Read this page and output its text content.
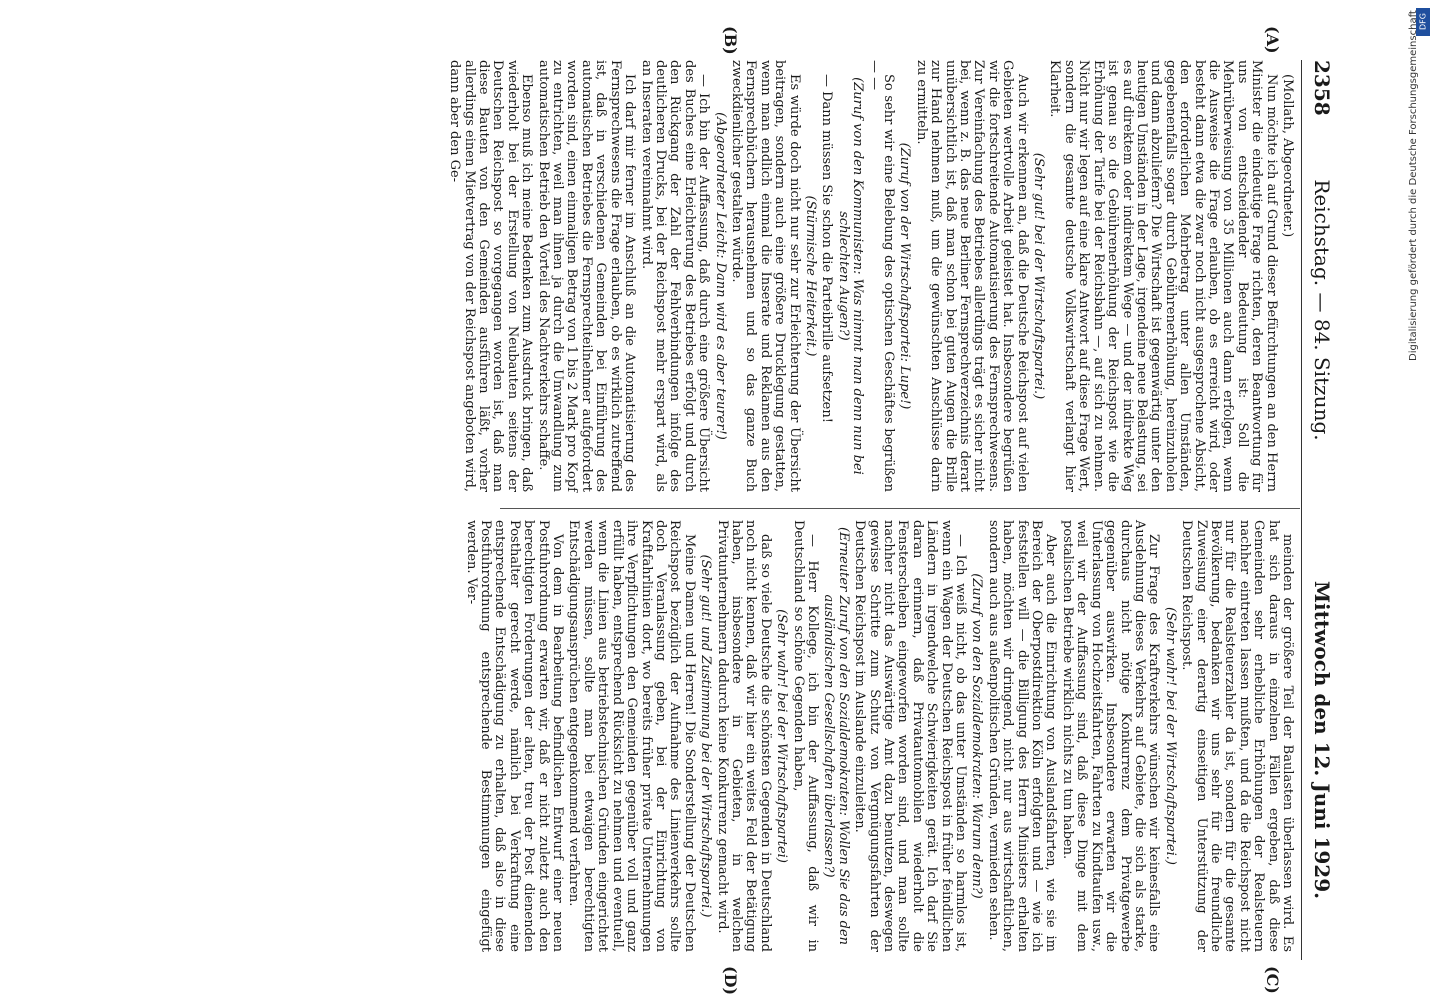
2358
Reichstag. — 84. Sitzung.
Mittwoch den 12. Juni 1929.

(Mollath, Abgeordneter.)

Nun möchte ich auf Grund dieser Befürchtungen an den Herrn Minister die eindeutige Frage richten, deren Beantwortung für uns von entscheidender Bedeutung ist: Soll die Mehrüberweisung von 35 Millionen auch dann erfolgen, wenn die Ausweise die Frage erlauben, ob es erreicht wird, oder besteht dann etwa die zwar noch nicht ausgesprochene Absicht, den erforderlichen Mehrbetrag unter allen Umständen, gegebenenfalls sogar durch Gebührenerhöhung, hereinzuholen und dann abzuliefern? Die Wirtschaft ist gegenwärtig unter den heutigen Umständen in der Lage, irgendeine neue Belastung, sei es auf direktem oder indirektem Wege — und der indirekte Weg ist genau so die Gebührenerhöhung der Reichspost wie die Erhöhung der Tarife bei der Reichsbahn —, auf sich zu nehmen. Nicht nur wir legen auf eine klare Antwort auf diese Frage Wert, sondern die gesamte deutsche Volkswirtschaft verlangt hier Klarheit.

(Sehr gut! bei der Wirtschaftspartei.)

Auch wir erkennen an, daß die Deutsche Reichspost auf vielen Gebieten wertvolle Arbeit geleistet hat. Insbesondere begrüßen wir die fortschreitende Automatisierung des Fernsprechwesens. Zur Vereinfachung des Betriebes allerdings trägt es sicher nicht bei, wenn z. B. das neue Berliner Fernsprechverzeichnis derart unübersichtlich ist, daß man schon bei guten Augen die Brille zur Hand nehmen muß, um die gewünschten Anschlüsse darin zu ermitteln.

(Zuruf von der Wirtschaftspartei: Lupe!)

So sehr wir eine Belebung des optischen Geschäftes begrüßen — —

(Zuruf von den Kommunisten: Was nimmt man denn nun bei schlechten Augen?)

— Dann müssen Sie schon die Parteibrille aufsetzen!

(Stürmische Heiterkeit.)

Es würde doch nicht nur sehr zur Erleichterung der Übersicht beitragen, sondern auch eine größere Drucklegung gestatten, wenn man endlich einmal die Inserate und Reklamen aus den Fernsprechbüchern herausnehmen und so das ganze Buch zweckdienlicher gestalten würde.

(Abgeordneter Leicht: Dann wird es aber teurer!)

— Ich bin der Auffassung, daß durch eine größere Übersicht des Buches eine Erleichterung des Betriebes erfolgt und durch den Rückgang der Zahl der Fehlverbindungen infolge des deutlicheren Drucks, bei der Reichspost mehr erspart wird, als an Inseraten vereinnahmt wird.

Ich darf mir ferner im Anschluß an die Automatisierung des Fernsprechwesens die Frage erlauben, ob es wirklich zutreffend ist, daß in verschiedenen Gemeinden bei Einführung des automatischen Betriebes die Fernsprechteilnehmer aufgefordert worden sind, einen einmaligen Betrag von 1 bis 2 Mark pro Kopf zu entrichten, weil man ihnen ja durch die Umwandlung zum automatischen Betrieb den Vorteil des Nachtverkehrs schaffe.

Ebenso muß ich meine Bedenken zum Ausdruck bringen, daß wiederholt bei der Erstellung von Neubauten seitens der Deutschen Reichspost so vorgegangen worden ist, daß man diese Bauten von den Gemeinden ausführen läßt, vorher allerdings einen Mietvertrag von der Reichspost angeboten wird, dann aber den Ge-

meinden der größere Teil der Baulasten überlassen wird. Es hat sich daraus in einzelnen Fällen ergeben, daß diese Gemeinden sehr erhebliche Erhöhungen der Realsteuern nachher eintreten lassen mußten, und da die Reichspost nicht nur für die Realsteuerzahler da ist, sondern für die gesamte Bevölkerung, bedanken wir uns sehr für die freundliche Zuweisung einer derartig einseitigen Unterstützung der Deutschen Reichspost.

(Sehr wahr! bei der Wirtschaftspartei.)

Zur Frage des Kraftverkehrs wünschen wir keinesfalls eine Ausdehnung dieses Verkehrs auf Gebiete, die sich als starke, durchaus nicht nötige Konkurrenz dem Privatgewerbe gegenüber auswirken. Insbesondere erwarten wir die Unterlassung von Hochzeitsfahrten, Fahrten zu Kindtaufen usw., weil wir der Auffassung sind, daß diese Dinge mit dem postalischen Betriebe wirklich nichts zu tun haben.

Aber auch die Einrichtung von Auslandsfahrten, wie sie im Bereich der Oberpostdirektion Köln erfolgten und — wie ich feststellen will — die Billigung des Herrn Ministers erhalten haben, möchten wir dringend, nicht nur aus wirtschaftlichen, sondern auch aus außenpolitischen Gründen, vermieden sehen.

(Zuruf von den Sozialdemokraten: Warum denn?)

— Ich weiß nicht, ob das unter Umständen so harmlos ist, wenn ein Wagen der Deutschen Reichspost in früher feindlichen Ländern in irgendwelche Schwierigkeiten gerät. Ich darf Sie daran erinnern, daß Privatautomobilen wiederholt die Fensterscheiben eingeworfen worden sind, und man sollte nachher nicht das Auswärtige Amt dazu benutzen, deswegen gewisse Schritte zum Schutz von Vergnügungsfahrten der Deutschen Reichspost im Auslande einzuleiten.

(Erneuter Zuruf von den Sozialdemokraten: Wollen Sie das den ausländischen Gesellschaften überlassen?)

— Herr Kollege, ich bin der Auffassung, daß wir in Deutschland so schöne Gegenden haben,

(Sehr wahr! bei der Wirtschaftspartei)

daß so viele Deutsche die schönsten Gegenden in Deutschland noch nicht kennen, daß wir hier ein weites Feld der Betätigung haben, insbesondere in Gebieten, in welchen Privatunternehmern dadurch keine Konkurrenz gemacht wird.

(Sehr gut! und Zustimmung bei der Wirtschaftspartei.)

Meine Damen und Herren! Die Sonderstellung der Deutschen Reichspost bezüglich der Aufnahme des Linienverkehrs sollte doch Veranlassung geben, bei der Einrichtung von Kraftfahrlinien dort, wo bereits früher private Unternehmungen ihre Verpflichtungen den Gemeinden gegenüber voll und ganz erfüllt haben, entsprechend Rücksicht zu nehmen und eventuell, wenn die Linien aus betriebstechnischen Gründen eingerichtet werden müssen, sollte man bei etwaigen berechtigten Entschädigungsansprüchen entgegenkommend verfahren.

Von dem in Bearbeitung befindlichen Entwurf einer neuen Postfuhrordnung erwarten wir, daß er nicht zuletzt auch den berechtigten Forderungen der alten, treu der Post dienenden Posthalter gerecht werde, nämlich bei Verkraftung eine entsprechende Entschädigung zu erhalten, daß also in diese Postfuhrordnung entsprechende Bestimmungen eingefügt werden. Ver-

(A)
(B)
(C)
(D)
DFG
Digitalisierung gefördert durch die Deutsche Forschungsgemeinschaft
